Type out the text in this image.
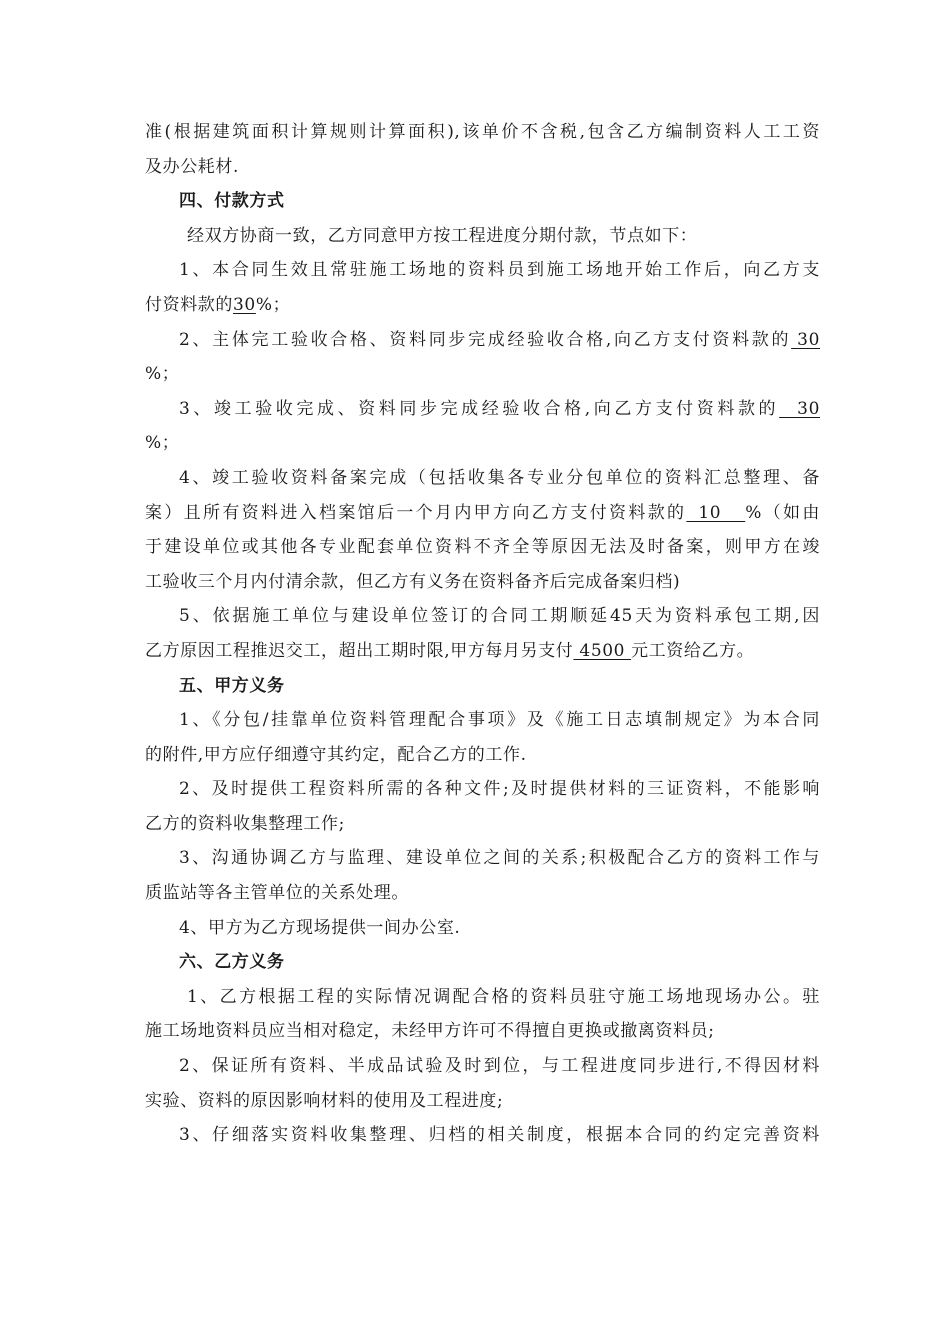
准(根据建筑面积计算规则计算面积),该单价不含税,包含乙方编制资料人工工资
及办公耗材.
四、付款方式
经双方协商一致，乙方同意甲方按工程进度分期付款，节点如下：
1、本合同生效且常驻施工场地的资料员到施工场地开始工作后，向乙方支
付资料款的30%；
2、主体完工验收合格、资料同步完成经验收合格,向乙方支付资料款的 30
%；
3、竣工验收完成、资料同步完成经验收合格,向乙方支付资料款的   30
%；
4、竣工验收资料备案完成（包括收集各专业分包单位的资料汇总整理、备
案）且所有资料进入档案馆后一个月内甲方向乙方支付资料款的  10    %（如由
于建设单位或其他各专业配套单位资料不齐全等原因无法及时备案，则甲方在竣
工验收三个月内付清余款，但乙方有义务在资料备齐后完成备案归档)
5、依据施工单位与建设单位签订的合同工期顺延45天为资料承包工期,因
乙方原因工程推迟交工，超出工期时限,甲方每月另支付 4500 元工资给乙方。
五、甲方义务
1、《分包/挂靠单位资料管理配合事项》及《施工日志填制规定》为本合同
的附件,甲方应仔细遵守其约定，配合乙方的工作.
2、及时提供工程资料所需的各种文件;及时提供材料的三证资料，不能影响
乙方的资料收集整理工作;
3、沟通协调乙方与监理、建设单位之间的关系;积极配合乙方的资料工作与
质监站等各主管单位的关系处理。
4、甲方为乙方现场提供一间办公室.
六、乙方义务
1、乙方根据工程的实际情况调配合格的资料员驻守施工场地现场办公。驻
施工场地资料员应当相对稳定，未经甲方许可不得擅自更换或撤离资料员;
2、保证所有资料、半成品试验及时到位，与工程进度同步进行,不得因材料
实验、资料的原因影响材料的使用及工程进度;
3、仔细落实资料收集整理、归档的相关制度，根据本合同的约定完善资料
